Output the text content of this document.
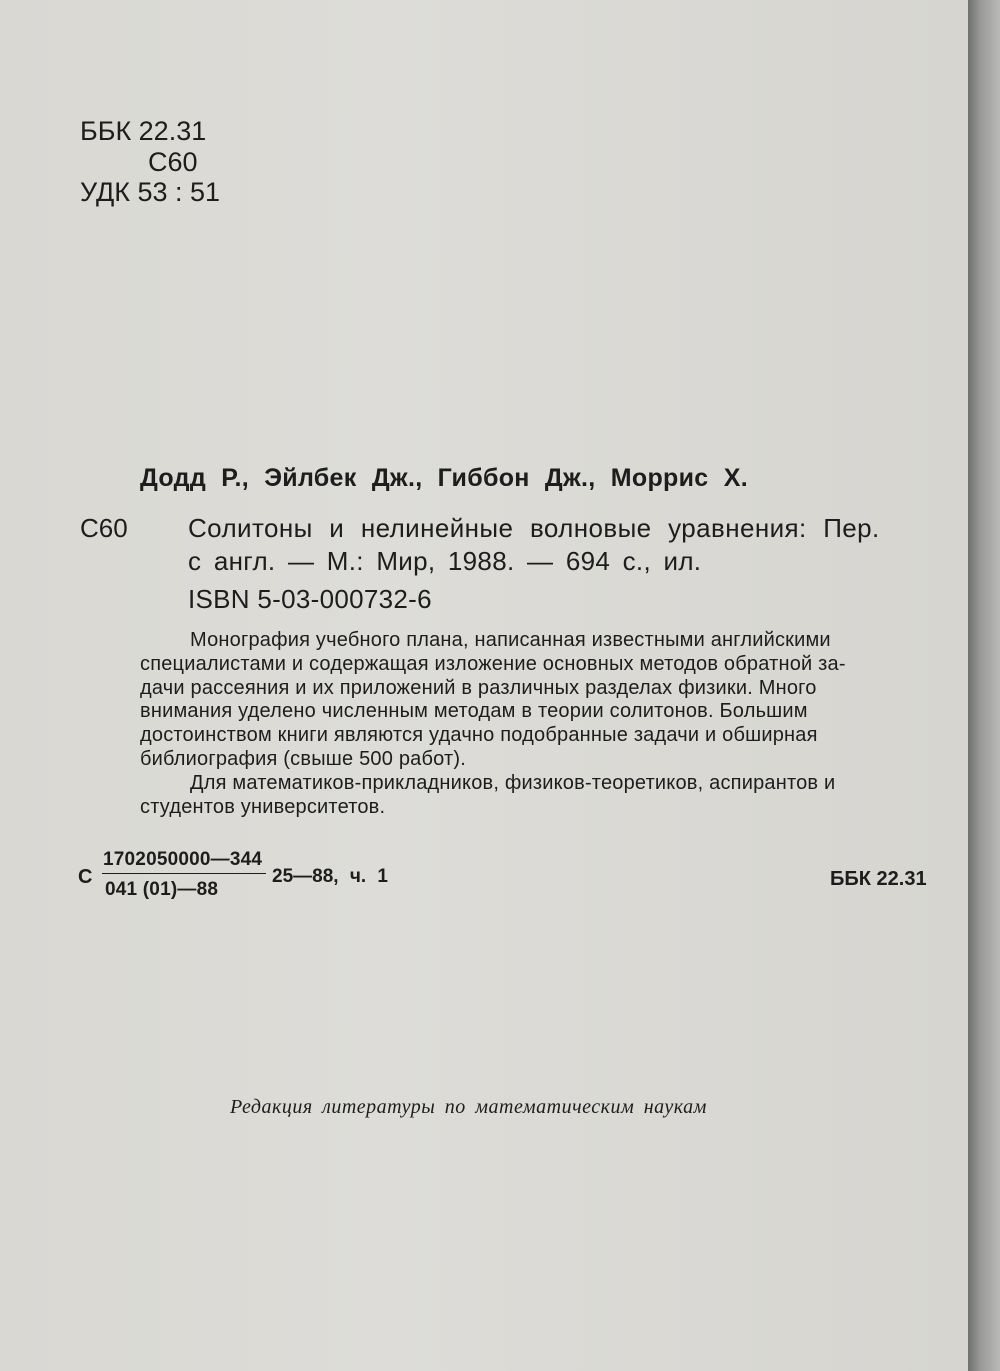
ББК 22.31
С60
УДК 53 : 51
Додд Р., Эйлбек Дж., Гиббон Дж., Моррис Х.
С60 Солитоны и нелинейные волновые уравнения: Пер.
с англ. — М.: Мир, 1988. — 694 с., ил.
ISBN 5-03-000732-6
Монография учебного плана, написанная известными английскими
специалистами и содержащая изложение основных методов обратной за-
дачи рассеяния и их приложений в различных разделах физики. Много
внимания уделено численным методам в теории солитонов. Большим
достоинством книги являются удачно подобранные задачи и обширная
библиография (свыше 500 работ).
Для математиков-прикладников, физиков-теоретиков, аспирантов и
студентов университетов.
С
1702050000—344
041 (01)—88
25—88, ч. 1	ББК 22.31
Редакция литературы по математическим наукам
